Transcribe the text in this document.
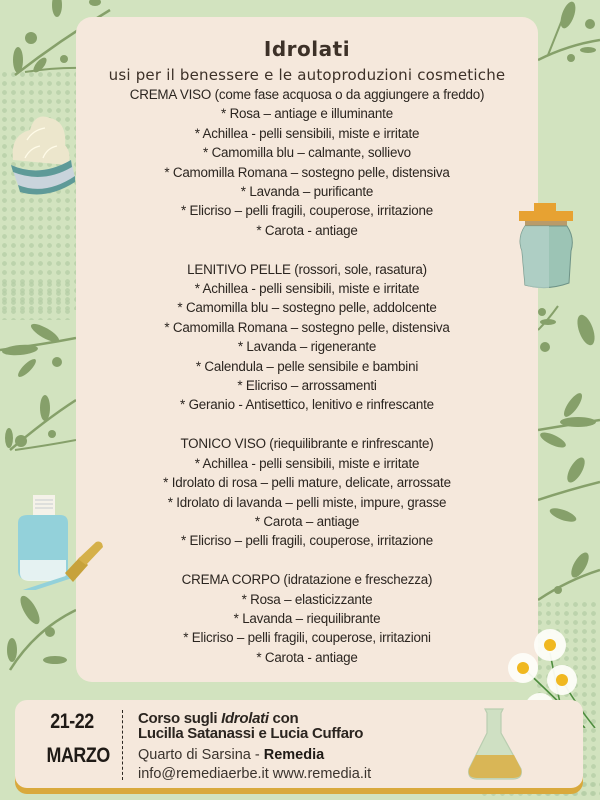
Idrolati
usi per il benessere e le autoproduzioni cosmetiche
CREMA VISO (come fase acquosa o da aggiungere a freddo)
* Rosa – antiage e illuminante
* Achillea - pelli sensibili, miste e irritate
* Camomilla blu – calmante, sollievo
* Camomilla Romana – sostegno pelle, distensiva
* Lavanda – purificante
* Elicriso – pelli fragili, couperose, irritazione
* Carota - antiage
LENITIVO PELLE (rossori, sole, rasatura)
* Achillea - pelli sensibili, miste e irritate
* Camomilla blu – sostegno pelle, addolcente
* Camomilla Romana – sostegno pelle, distensiva
* Lavanda – rigenerante
* Calendula – pelle sensibile e bambini
* Elicriso – arrossamenti
* Geranio - Antisettico, lenitivo e rinfrescante
TONICO VISO (riequilibrante e rinfrescante)
* Achillea - pelli sensibili, miste e irritate
* Idrolato di rosa – pelli mature, delicate, arrossate
* Idrolato di lavanda – pelli miste, impure, grasse
* Carota – antiage
* Elicriso – pelli fragili, couperose, irritazione
CREMA CORPO (idratazione e freschezza)
* Rosa – elasticizzante
* Lavanda – riequilibrante
* Elicriso – pelli fragili, couperose, irritazioni
* Carota - antiage
21-22
MARZO
Corso sugli Idrolati con
Lucilla Satanassi e Lucia Cuffaro
Quarto di Sarsina - Remedia
info@remediaerbe.it www.remedia.it
